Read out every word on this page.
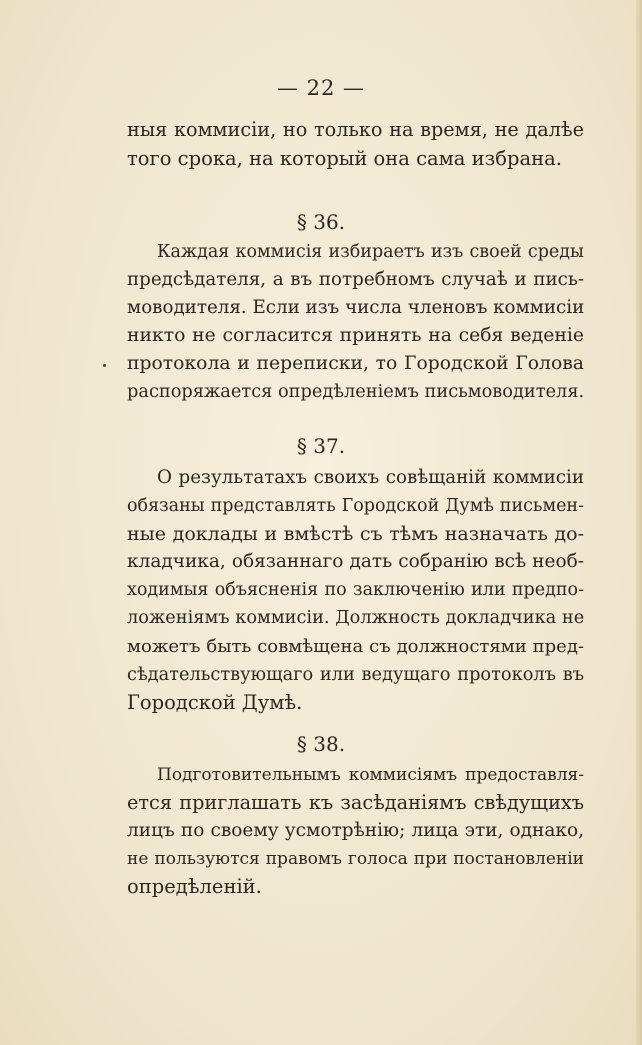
— 22 —
ныя коммисіи, но только на время, не далѣе
того срока, на который она сама избрана.
§ 36.
Каждая коммисія избираетъ изъ своей среды
предсѣдателя, а въ потребномъ случаѣ и пись-
моводителя. Если изъ числа членовъ коммисіи
никто не согласится принять на себя веденіе
протокола и переписки, то Городской Голова
распоряжается опредѣленіемъ письмоводителя.
§ 37.
О результатахъ своихъ совѣщаній коммисіи
обязаны представлять Городской Думѣ письмен-
ные доклады и вмѣстѣ съ тѣмъ назначать до-
кладчика, обязаннаго дать собранію всѣ необ-
ходимыя объясненія по заключенію или предпо-
ложеніямъ коммисіи. Должность докладчика не
можетъ быть совмѣщена съ должностями пред-
сѣдательствующаго или ведущаго протоколъ въ
Городской Думѣ.
§ 38.
Подготовительнымъ коммисіямъ предоставля-
ется приглашать къ засѣданіямъ свѣдущихъ
лицъ по своему усмотрѣнію; лица эти, однако,
не пользуются правомъ голоса при постановленіи
опредѣленій.
